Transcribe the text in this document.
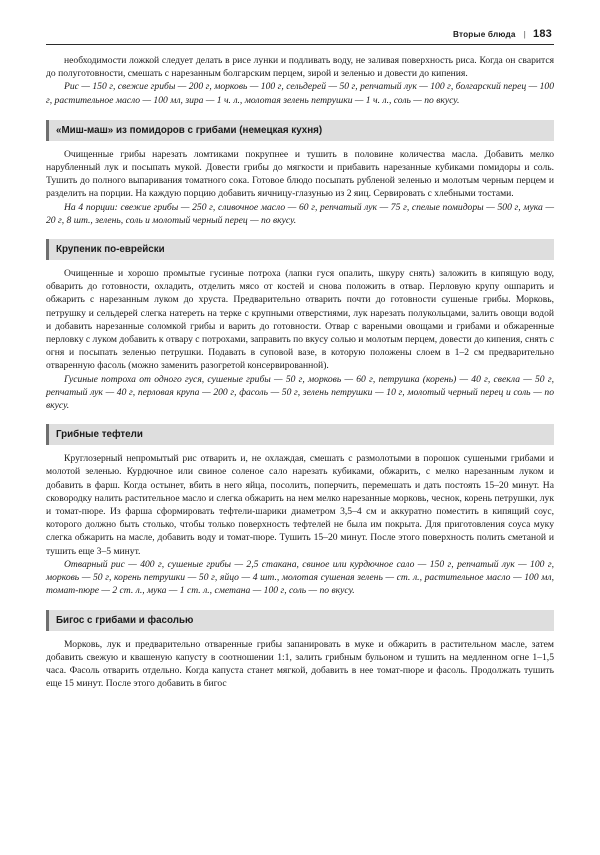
Вторые блюда | 183

необходимости ложкой следует делать в рисе лунки и подливать воду, не заливая поверхность риса. Когда он сварится до полуготовности, смешать с нарезанным болгарским перцем, зирой и зеленью и довести до кипения.

Рис — 150 г, свежие грибы — 200 г, морковь — 100 г, сельдерей — 50 г, репчатый лук — 100 г, болгарский перец — 100 г, растительное масло — 100 мл, зира — 1 ч. л., молотая зелень петрушки — 1 ч. л., соль — по вкусу.

«Миш-маш» из помидоров с грибами (немецкая кухня)

Очищенные грибы нарезать ломтиками покрупнее и тушить в половине количества масла. Добавить мелко нарубленный лук и посыпать мукой. Довести грибы до мягкости и прибавить нарезанные кубиками помидоры и соль. Тушить до полного выпаривания томатного сока. Готовое блюдо посыпать рубленой зеленью и молотым черным перцем и разделить на порции. На каждую порцию добавить яичницу-глазунью из 2 яиц. Сервировать с хлебными тостами.

На 4 порции: свежие грибы — 250 г, сливочное масло — 60 г, репчатый лук — 75 г, спелые помидоры — 500 г, мука — 20 г, 8 шт., зелень, соль и молотый черный перец — по вкусу.

Крупеник по-еврейски

Очищенные и хорошо промытые гусиные потроха (лапки гуся опалить, шкуру снять) заложить в кипящую воду, обварить до готовности, охладить, отделить мясо от костей и снова положить в отвар. Перловую крупу ошпарить и обжарить с нарезанным луком до хруста. Предварительно отварить почти до готовности сушеные грибы. Морковь, петрушку и сельдерей слегка натереть на терке с крупными отверстиями, лук нарезать полукольцами, залить овощи водой и добавить нарезанные соломкой грибы и варить до готовности. Отвар с вареными овощами и грибами и обжаренные перловку с луком добавить к отвару с потрохами, заправить по вкусу солью и молотым перцем, довести до кипения, снять с огня и посыпать зеленью петрушки. Подавать в суповой вазе, в которую положены слоем в 1–2 см предварительно отваренную фасоль (можно заменить разогретой консервированной).

Гусиные потроха от одного гуся, сушеные грибы — 50 г, морковь — 60 г, петрушка (корень) — 40 г, свекла — 50 г, репчатый лук — 40 г, перловая крупа — 200 г, фасоль — 50 г, зелень петрушки — 10 г, молотый черный перец и соль — по вкусу.

Грибные тефтели

Круглозерный непромытый рис отварить и, не охлаждая, смешать с размолотыми в порошок сушеными грибами и молотой зеленью. Курдючное или свиное соленое сало нарезать кубиками, обжарить, с мелко нарезанным луком и добавить в фарш. Когда остынет, вбить в него яйца, посолить, поперчить, перемешать и дать постоять 15–20 минут. На сковородку налить растительное масло и слегка обжарить на нем мелко нарезанные морковь, чеснок, корень петрушки, лук и томат-пюре. Из фарша сформировать тефтели-шарики диаметром 3,5–4 см и аккуратно поместить в кипящий соус, которого должно быть столько, чтобы только поверхность тефтелей не была им покрыта. Для приготовления соуса муку слегка обжарить на масле, добавить воду и томат-пюре. Тушить 15–20 минут. После этого поверхность полить сметаной и тушить еще 3–5 минут.

Отварный рис — 400 г, сушеные грибы — 2,5 стакана, свиное или курдючное сало — 150 г, репчатый лук — 100 г, морковь — 50 г, корень петрушки — 50 г, яйцо — 4 шт., молотая сушеная зелень — ст. л., растительное масло — 100 мл, томат-пюре — 2 ст. л., мука — 1 ст. л., сметана — 100 г, соль — по вкусу.

Бигос с грибами и фасолью

Морковь, лук и предварительно отваренные грибы запанировать в муке и обжарить в растительном масле, затем добавить свежую и квашеную капусту в соотношении 1:1, залить грибным бульоном и тушить на медленном огне 1–1,5 часа. Фасоль отварить отдельно. Когда капуста станет мягкой, добавить в нее томат-пюре и фасоль. Продолжать тушить еще 15 минут. После этого добавить в бигос
